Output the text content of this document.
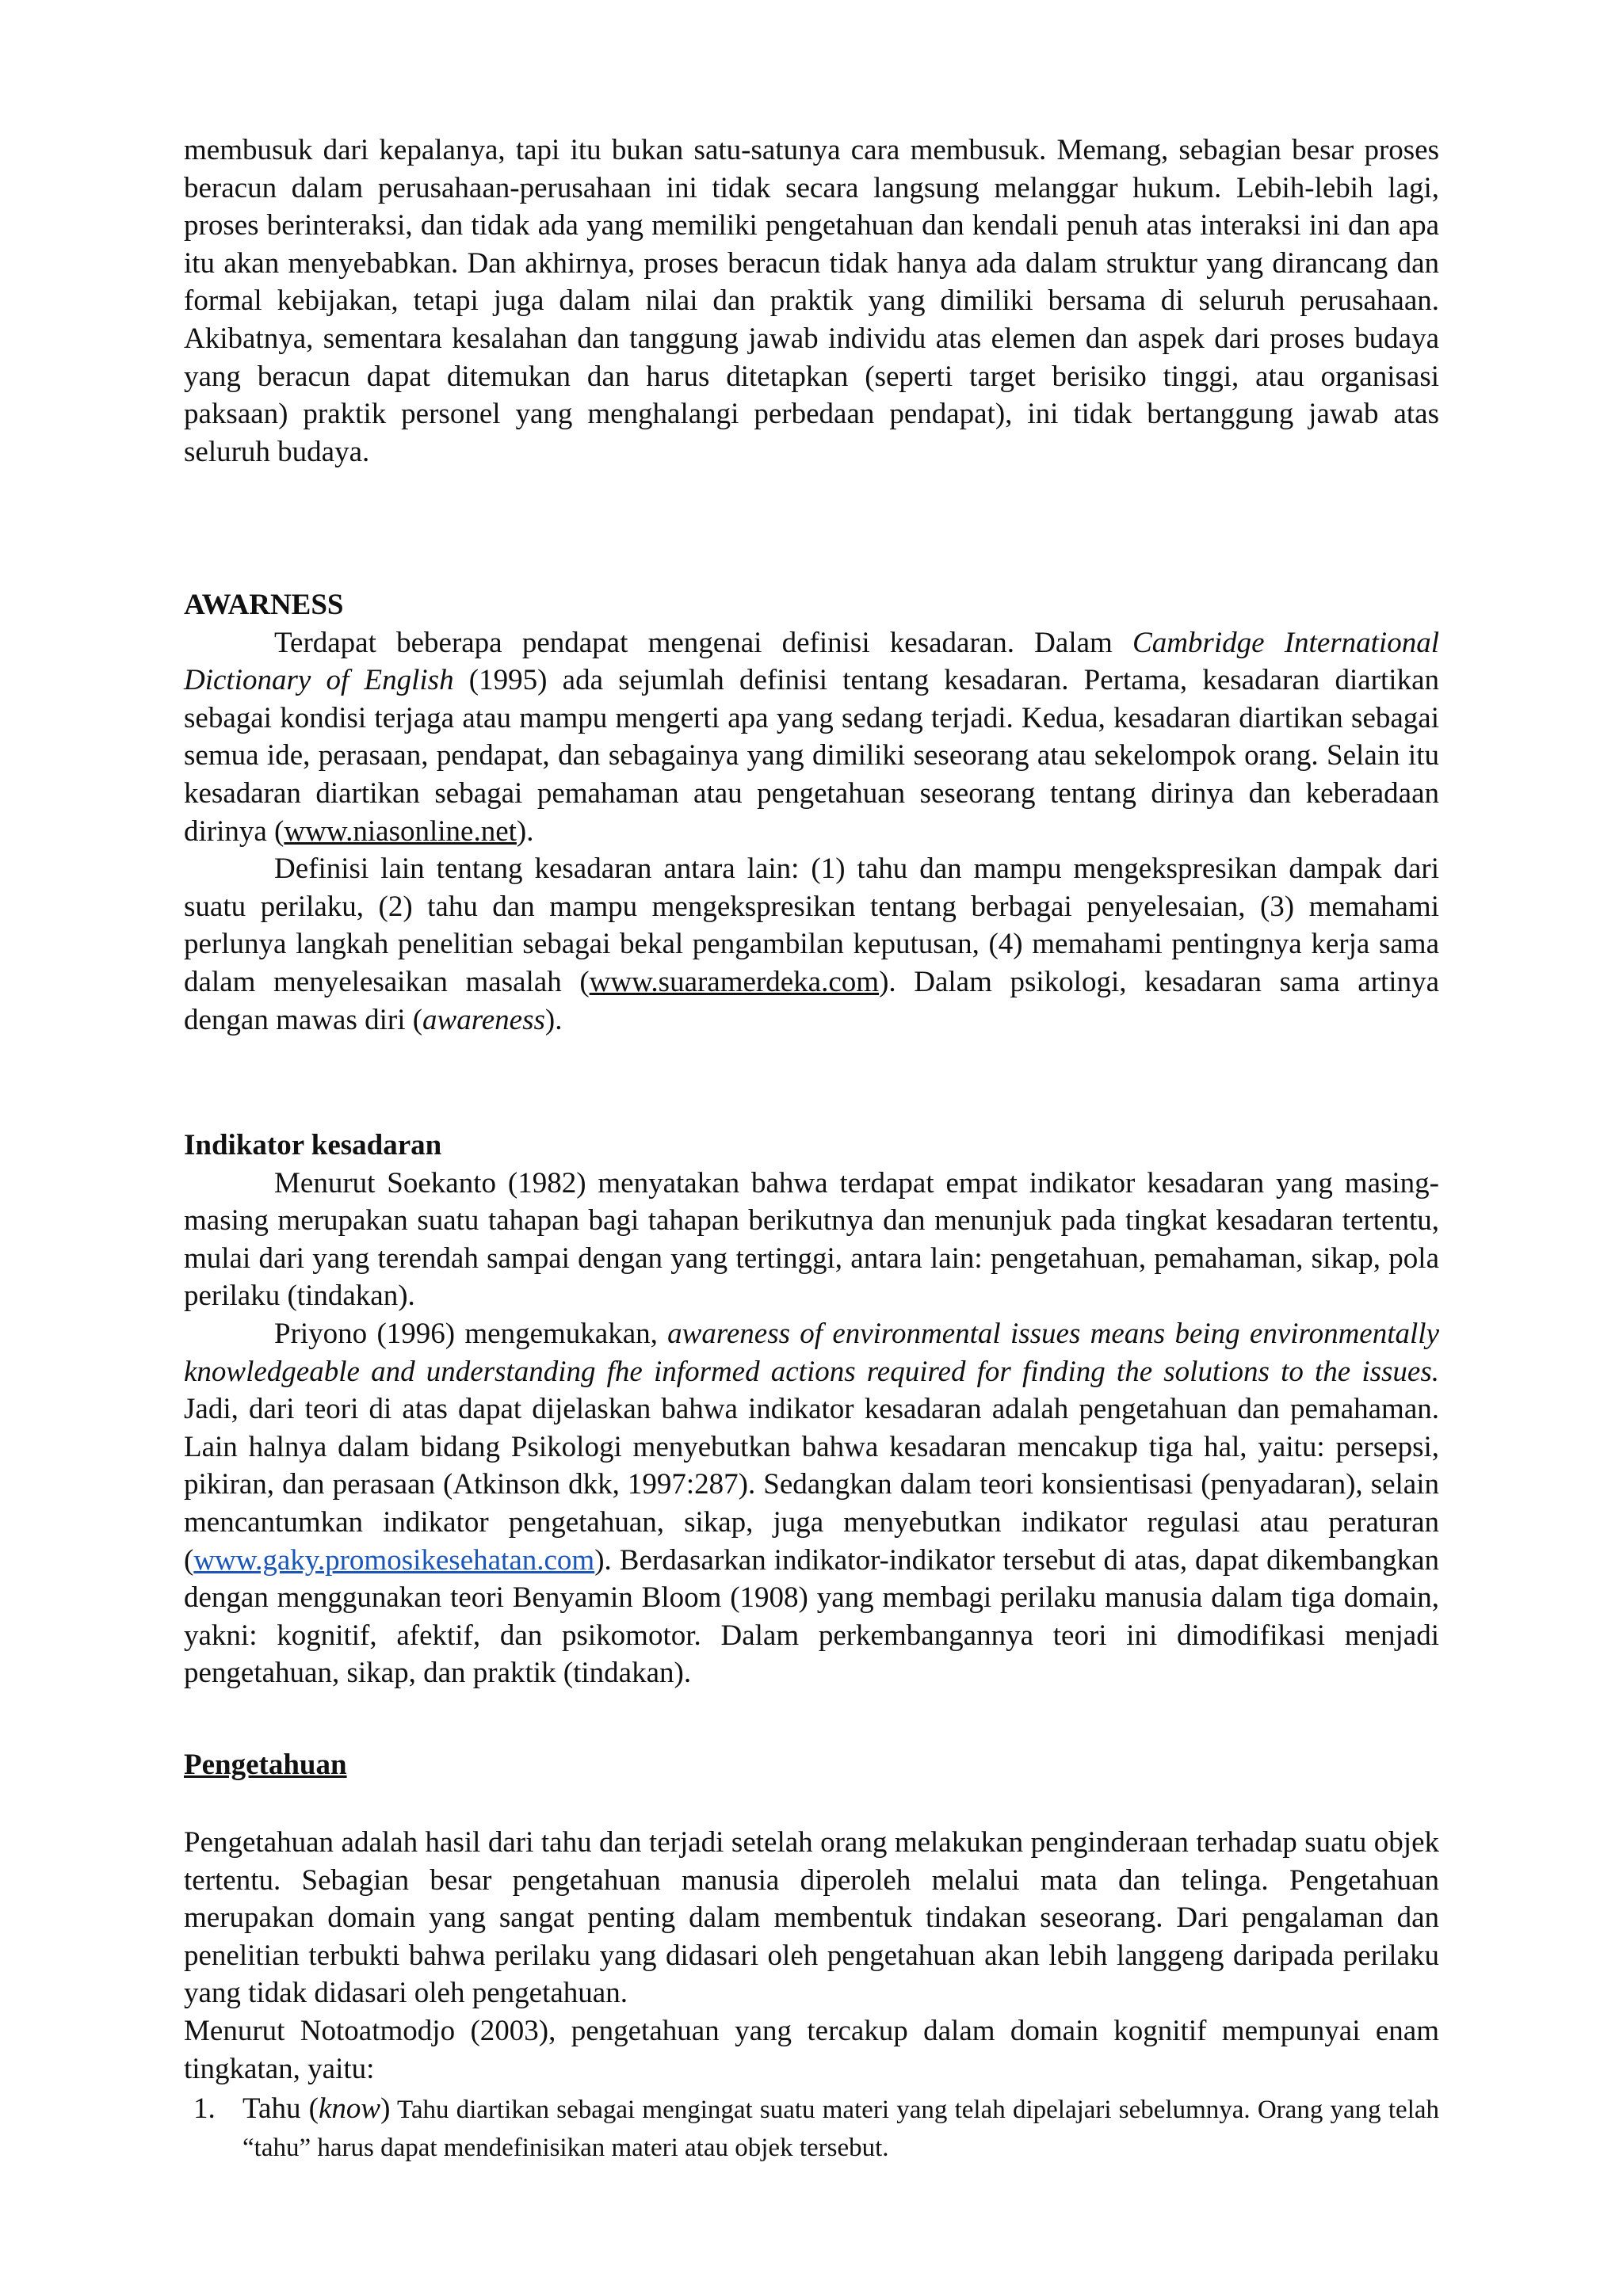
membusuk dari kepalanya, tapi itu bukan satu-satunya cara membusuk. Memang, sebagian besar proses beracun dalam perusahaan-perusahaan ini tidak secara langsung melanggar hukum. Lebih-lebih lagi, proses berinteraksi, dan tidak ada yang memiliki pengetahuan dan kendali penuh atas interaksi ini dan apa itu akan menyebabkan. Dan akhirnya, proses beracun tidak hanya ada dalam struktur yang dirancang dan formal kebijakan, tetapi juga dalam nilai dan praktik yang dimiliki bersama di seluruh perusahaan. Akibatnya, sementara kesalahan dan tanggung jawab individu atas elemen dan aspek dari proses budaya yang beracun dapat ditemukan dan harus ditetapkan (seperti target berisiko tinggi, atau organisasi paksaan) praktik personel yang menghalangi perbedaan pendapat), ini tidak bertanggung jawab atas seluruh budaya.

AWARNESS

Terdapat beberapa pendapat mengenai definisi kesadaran. Dalam Cambridge International Dictionary of English (1995) ada sejumlah definisi tentang kesadaran. Pertama, kesadaran diartikan sebagai kondisi terjaga atau mampu mengerti apa yang sedang terjadi. Kedua, kesadaran diartikan sebagai semua ide, perasaan, pendapat, dan sebagainya yang dimiliki seseorang atau sekelompok orang. Selain itu kesadaran diartikan sebagai pemahaman atau pengetahuan seseorang tentang dirinya dan keberadaan dirinya (www.niasonline.net).

Definisi lain tentang kesadaran antara lain: (1) tahu dan mampu mengekspresikan dampak dari suatu perilaku, (2) tahu dan mampu mengekspresikan tentang berbagai penyelesaian, (3) memahami perlunya langkah penelitian sebagai bekal pengambilan keputusan, (4) memahami pentingnya kerja sama dalam menyelesaikan masalah (www.suaramerdeka.com). Dalam psikologi, kesadaran sama artinya dengan mawas diri (awareness).

Indikator kesadaran

Menurut Soekanto (1982) menyatakan bahwa terdapat empat indikator kesadaran yang masing-masing merupakan suatu tahapan bagi tahapan berikutnya dan menunjuk pada tingkat kesadaran tertentu, mulai dari yang terendah sampai dengan yang tertinggi, antara lain: pengetahuan, pemahaman, sikap, pola perilaku (tindakan).

Priyono (1996) mengemukakan, awareness of environmental issues means being environmentally knowledgeable and understanding fhe informed actions required for finding the solutions to the issues. Jadi, dari teori di atas dapat dijelaskan bahwa indikator kesadaran adalah pengetahuan dan pemahaman. Lain halnya dalam bidang Psikologi menyebutkan bahwa kesadaran mencakup tiga hal, yaitu: persepsi, pikiran, dan perasaan (Atkinson dkk, 1997:287). Sedangkan dalam teori konsientisasi (penyadaran), selain mencantumkan indikator pengetahuan, sikap, juga menyebutkan indikator regulasi atau peraturan (www.gaky.promosikesehatan.com). Berdasarkan indikator-indikator tersebut di atas, dapat dikembangkan dengan menggunakan teori Benyamin Bloom (1908) yang membagi perilaku manusia dalam tiga domain, yakni: kognitif, afektif, dan psikomotor. Dalam perkembangannya teori ini dimodifikasi menjadi pengetahuan, sikap, dan praktik (tindakan).

Pengetahuan

Pengetahuan adalah hasil dari tahu dan terjadi setelah orang melakukan penginderaan terhadap suatu objek tertentu. Sebagian besar pengetahuan manusia diperoleh melalui mata dan telinga. Pengetahuan merupakan domain yang sangat penting dalam membentuk tindakan seseorang. Dari pengalaman dan penelitian terbukti bahwa perilaku yang didasari oleh pengetahuan akan lebih langgeng daripada perilaku yang tidak didasari oleh pengetahuan.

Menurut Notoatmodjo (2003), pengetahuan yang tercakup dalam domain kognitif mempunyai enam tingkatan, yaitu:

1. Tahu (know) Tahu diartikan sebagai mengingat suatu materi yang telah dipelajari sebelumnya. Orang yang telah “tahu” harus dapat mendefinisikan materi atau objek tersebut.
